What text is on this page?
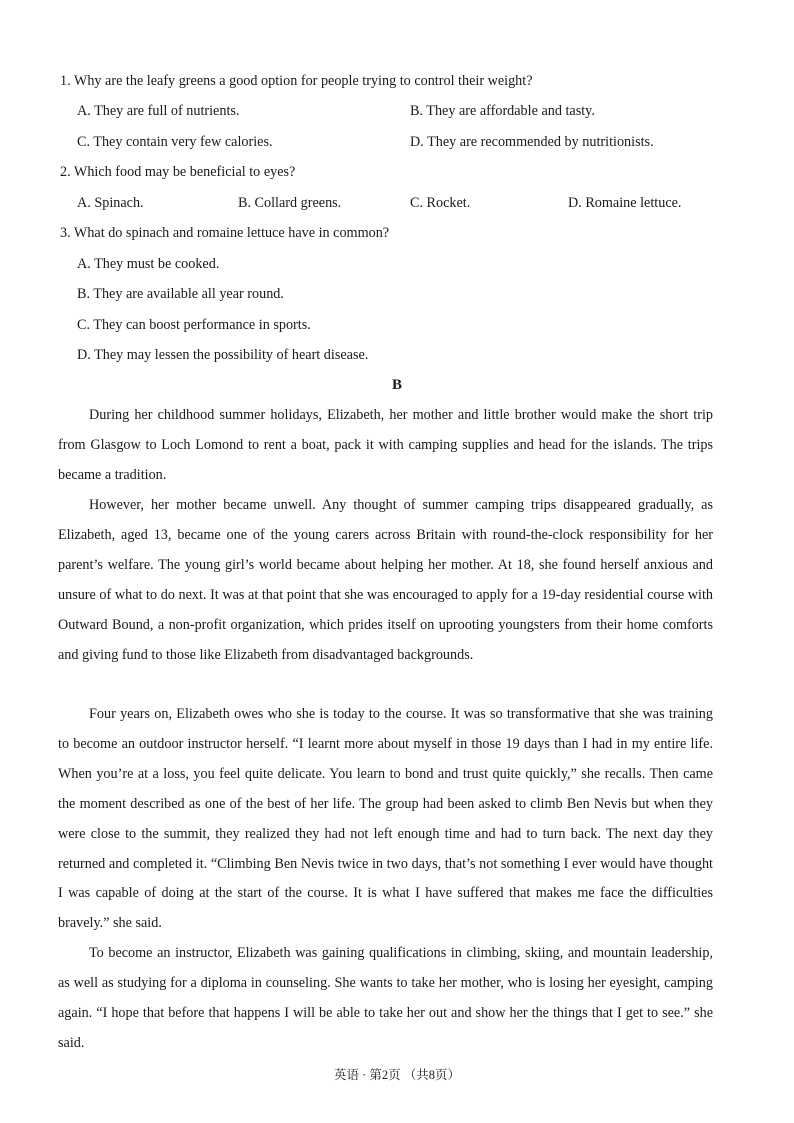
1. Why are the leafy greens a good option for people trying to control their weight?
A. They are full of nutrients.	B. They are affordable and tasty.
C. They contain very few calories.	D. They are recommended by nutritionists.
2. Which food may be beneficial to eyes?
A. Spinach.	B. Collard greens.	C. Rocket.	D. Romaine lettuce.
3. What do spinach and romaine lettuce have in common?
A. They must be cooked.
B. They are available all year round.
C. They can boost performance in sports.
D. They may lessen the possibility of heart disease.
B

During her childhood summer holidays, Elizabeth, her mother and little brother would make the short trip from Glasgow to Loch Lomond to rent a boat, pack it with camping supplies and head for the islands. The trips became a tradition.

However, her mother became unwell. Any thought of summer camping trips disappeared gradually, as Elizabeth, aged 13, became one of the young carers across Britain with round-the-clock responsibility for her parent’s welfare. The young girl’s world became about helping her mother. At 18, she found herself anxious and unsure of what to do next. It was at that point that she was encouraged to apply for a 19-day residential course with Outward Bound, a non-profit organization, which prides itself on uprooting youngsters from their home comforts and giving fund to those like Elizabeth from disadvantaged backgrounds.

Four years on, Elizabeth owes who she is today to the course. It was so transformative that she was training to become an outdoor instructor herself. “I learnt more about myself in those 19 days than I had in my entire life. When you’re at a loss, you feel quite delicate. You learn to bond and trust quite quickly,” she recalls. Then came the moment described as one of the best of her life. The group had been asked to climb Ben Nevis but when they were close to the summit, they realized they had not left enough time and had to turn back. The next day they returned and completed it. “Climbing Ben Nevis twice in two days, that’s not something I ever would have thought I was capable of doing at the start of the course. It is what I have suffered that makes me face the difficulties bravely.” she said.

To become an instructor, Elizabeth was gaining qualifications in climbing, skiing, and mountain leadership, as well as studying for a diploma in counseling. She wants to take her mother, who is losing her eyesight, camping again. “I hope that before that happens I will be able to take her out and show her the things that I get to see.” she said.

英语 · 第2页 （共8页）
